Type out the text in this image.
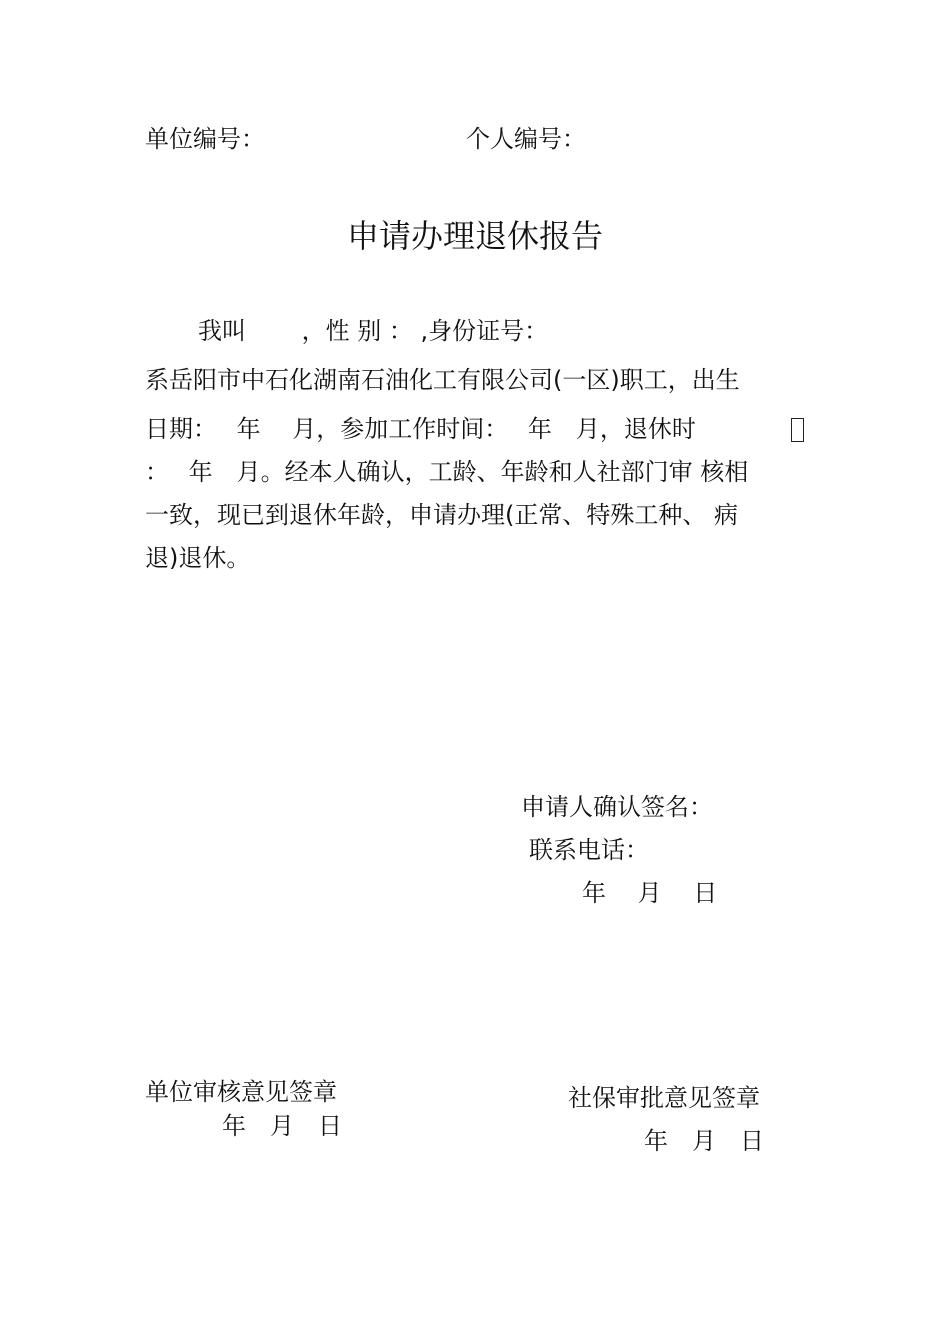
单位编号：	个人编号：
申请办理退休报告
我叫　　 ，性 别 ： ,身份证号：
系岳阳市中石化湖南石油化工有限公司(一区)职工，出生
日期：　 年　 月，参加工作时间：　 年　月，退休时
：　 年　月。经本人确认，工龄、年龄和人社部门审 核相
一致，现已到退休年龄，申请办理(正常、特殊工种、 病
退)退休。
申请人确认签名：
联系电话：
年　 月　 日
单位审核意见签章
年　月　日
社保审批意见签章
年　月　日
